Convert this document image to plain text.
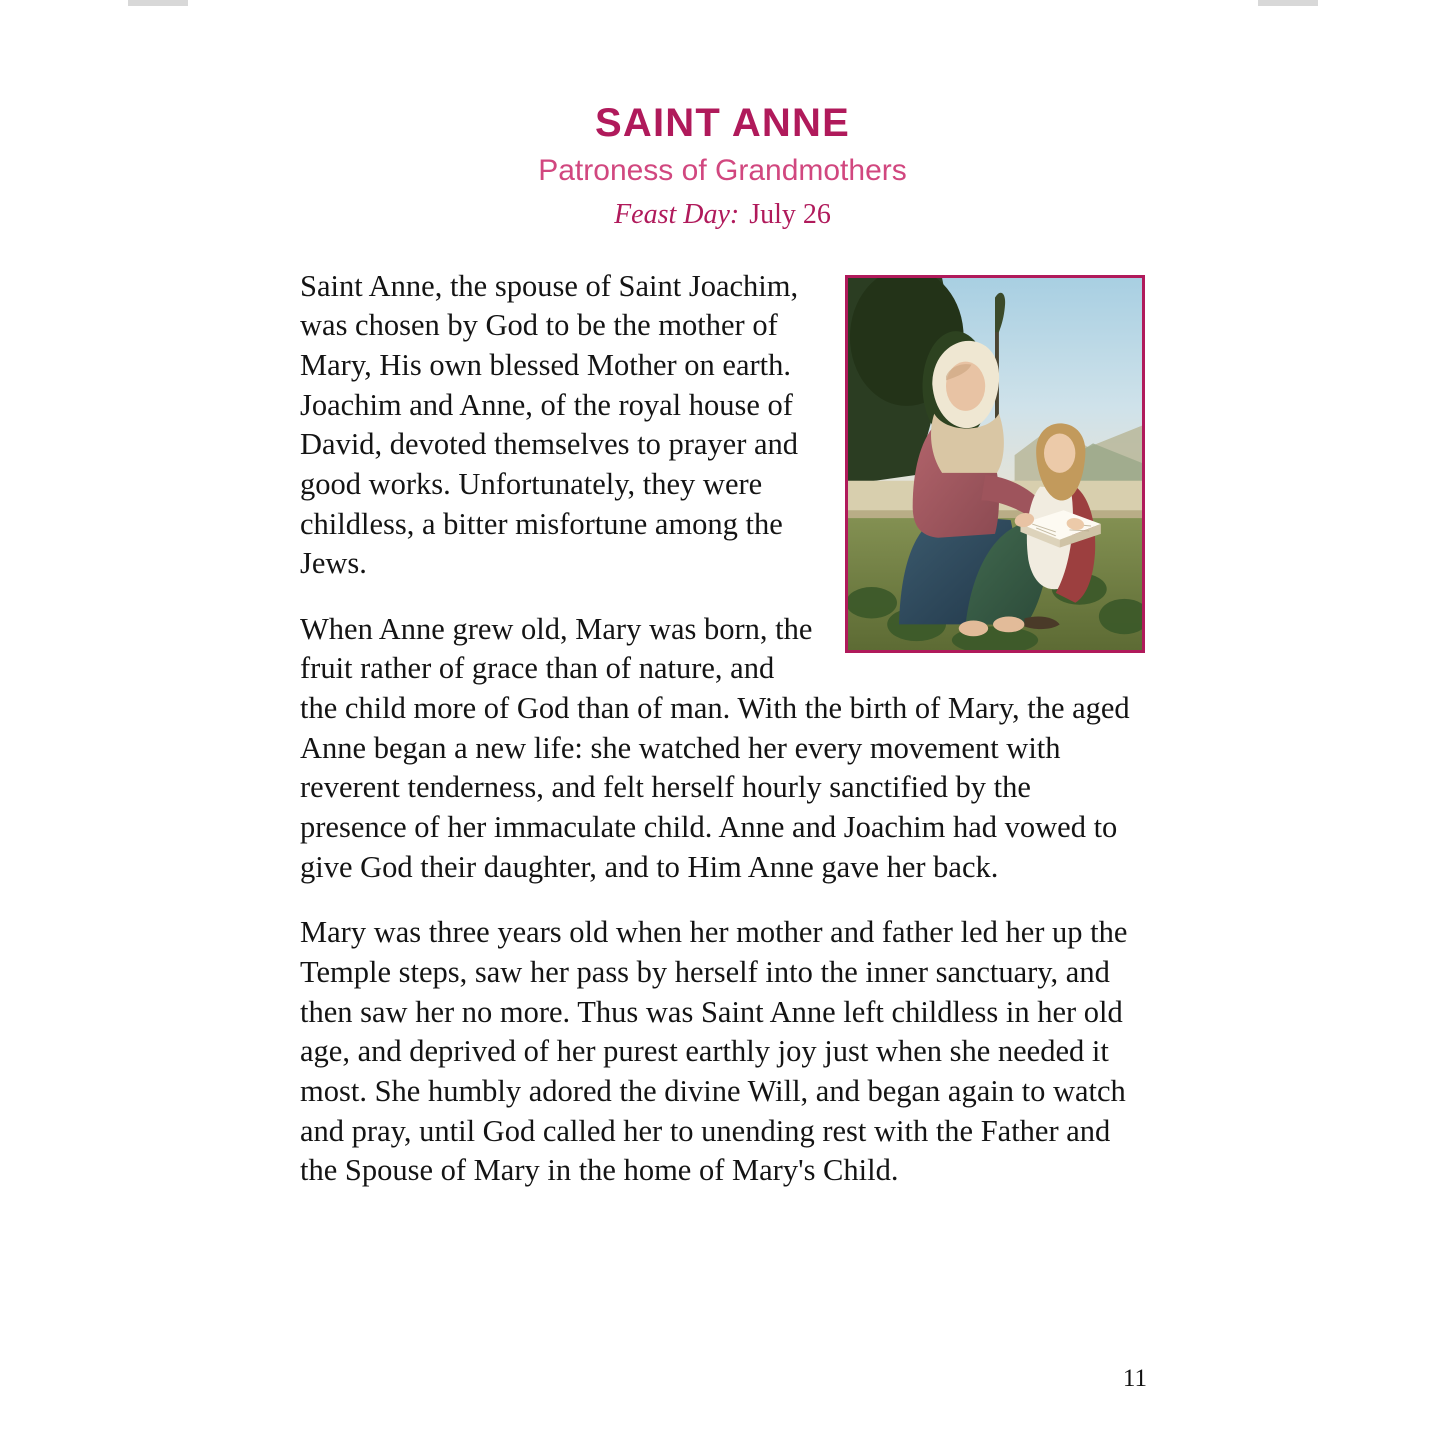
SAINT ANNE
Patroness of Grandmothers
Feast Day: July 26

Saint Anne, the spouse of Saint Joachim, was chosen by God to be the mother of Mary, His own blessed Mother on earth. Joachim and Anne, of the royal house of David, devoted themselves to prayer and good works. Unfortunately, they were childless, a bitter misfortune among the Jews.

When Anne grew old, Mary was born, the fruit rather of grace than of nature, and the child more of God than of man. With the birth of Mary, the aged Anne began a new life: she watched her every movement with reverent tenderness, and felt herself hourly sanctified by the presence of her immaculate child. Anne and Joachim had vowed to give God their daughter, and to Him Anne gave her back.

Mary was three years old when her mother and father led her up the Temple steps, saw her pass by herself into the inner sanctuary, and then saw her no more. Thus was Saint Anne left childless in her old age, and deprived of her purest earthly joy just when she needed it most. She humbly adored the divine Will, and began again to watch and pray, until God called her to unending rest with the Father and the Spouse of Mary in the home of Mary's Child.

11
